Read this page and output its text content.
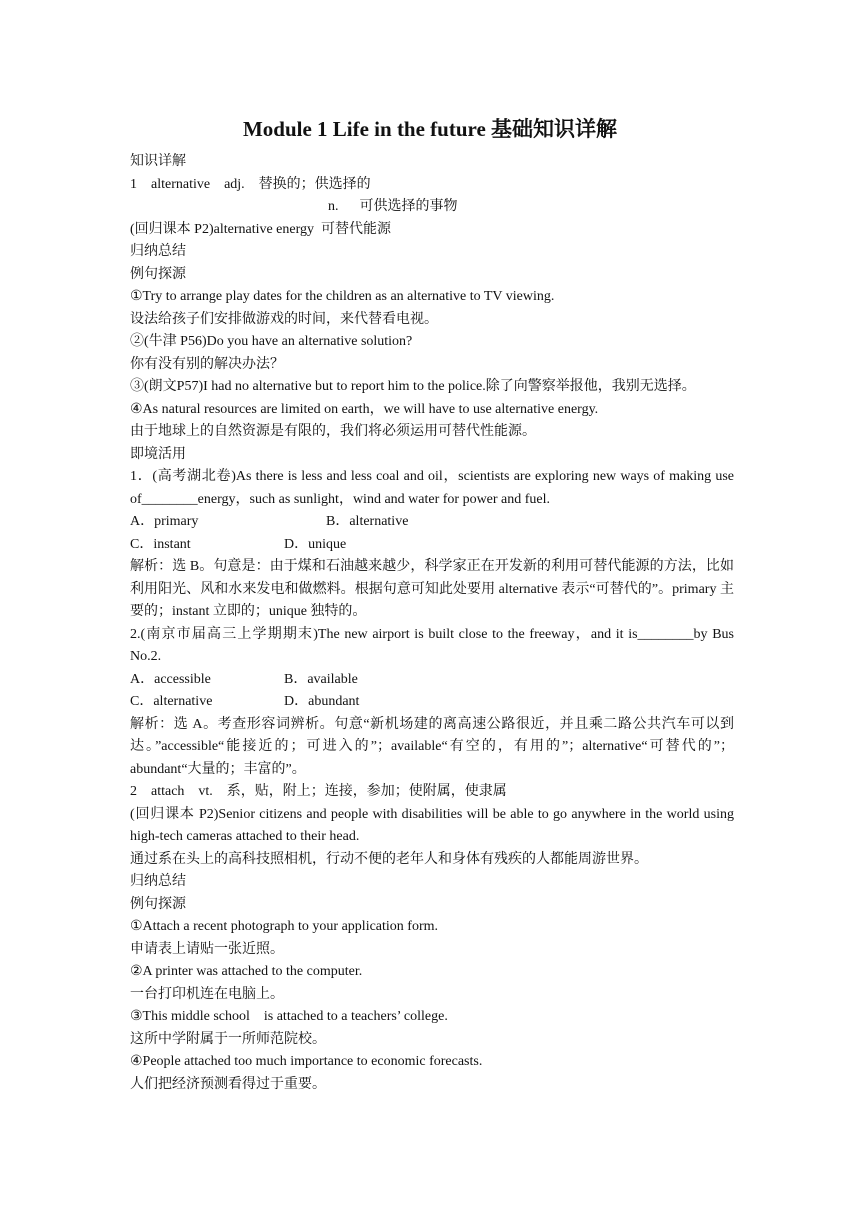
Module 1 Life in the future 基础知识详解
知识详解
1    alternative    adj.    替换的；供选择的
n.      可供选择的事物
(回归课本 P2)alternative energy  可替代能源
归纳总结
例句探源
①Try to arrange play dates for the children as an alternative to TV viewing.
设法给孩子们安排做游戏的时间，来代替看电视。
②(牛津 P56)Do you have an alternative solution?
你有没有别的解决办法？
③(朗文P57)I had no alternative but to report him to the police.除了向警察举报他，我别无选择。
④As natural resources are limited on earth，we will have to use alternative energy.
由于地球上的自然资源是有限的，我们将必须运用可替代性能源。
即境活用
1．(高考湖北卷)As there is less and less coal and oil，scientists are exploring new ways of making use of________energy，such as sunlight，wind and water for power and fuel.
A．primary	B．alternative
C．instant	D．unique
解析：选 B。句意是：由于煤和石油越来越少，科学家正在开发新的利用可替代能源的方法，比如利用阳光、风和水来发电和做燃料。根据句意可知此处要用 alternative 表示“可替代的”。primary 主要的；instant 立即的；unique 独特的。
2.(南京市届高三上学期期末)The new airport is built close to the freeway，and it is________by Bus No.2.
A．accessible	B．available
C．alternative	D．abundant
解析：选 A。考查形容词辨析。句意“新机场建的离高速公路很近，并且乘二路公共汽车可以到达。”accessible“能接近的；可进入的”；available“有空的，有用的”；alternative“可替代的”；abundant“大量的；丰富的”。
2    attach    vt.    系，贴，附上；连接，参加；使附属，使隶属
(回归课本 P2)Senior citizens and people with disabilities will be able to go anywhere in the world using high-tech cameras attached to their head.
通过系在头上的高科技照相机，行动不便的老年人和身体有残疾的人都能周游世界。
归纳总结
例句探源
①Attach a recent photograph to your application form.
申请表上请贴一张近照。
②A printer was attached to the computer.
一台打印机连在电脑上。
③This middle school    is attached to a teachers’ college.
这所中学附属于一所师范院校。
④People attached too much importance to economic forecasts.
人们把经济预测看得过于重要。
